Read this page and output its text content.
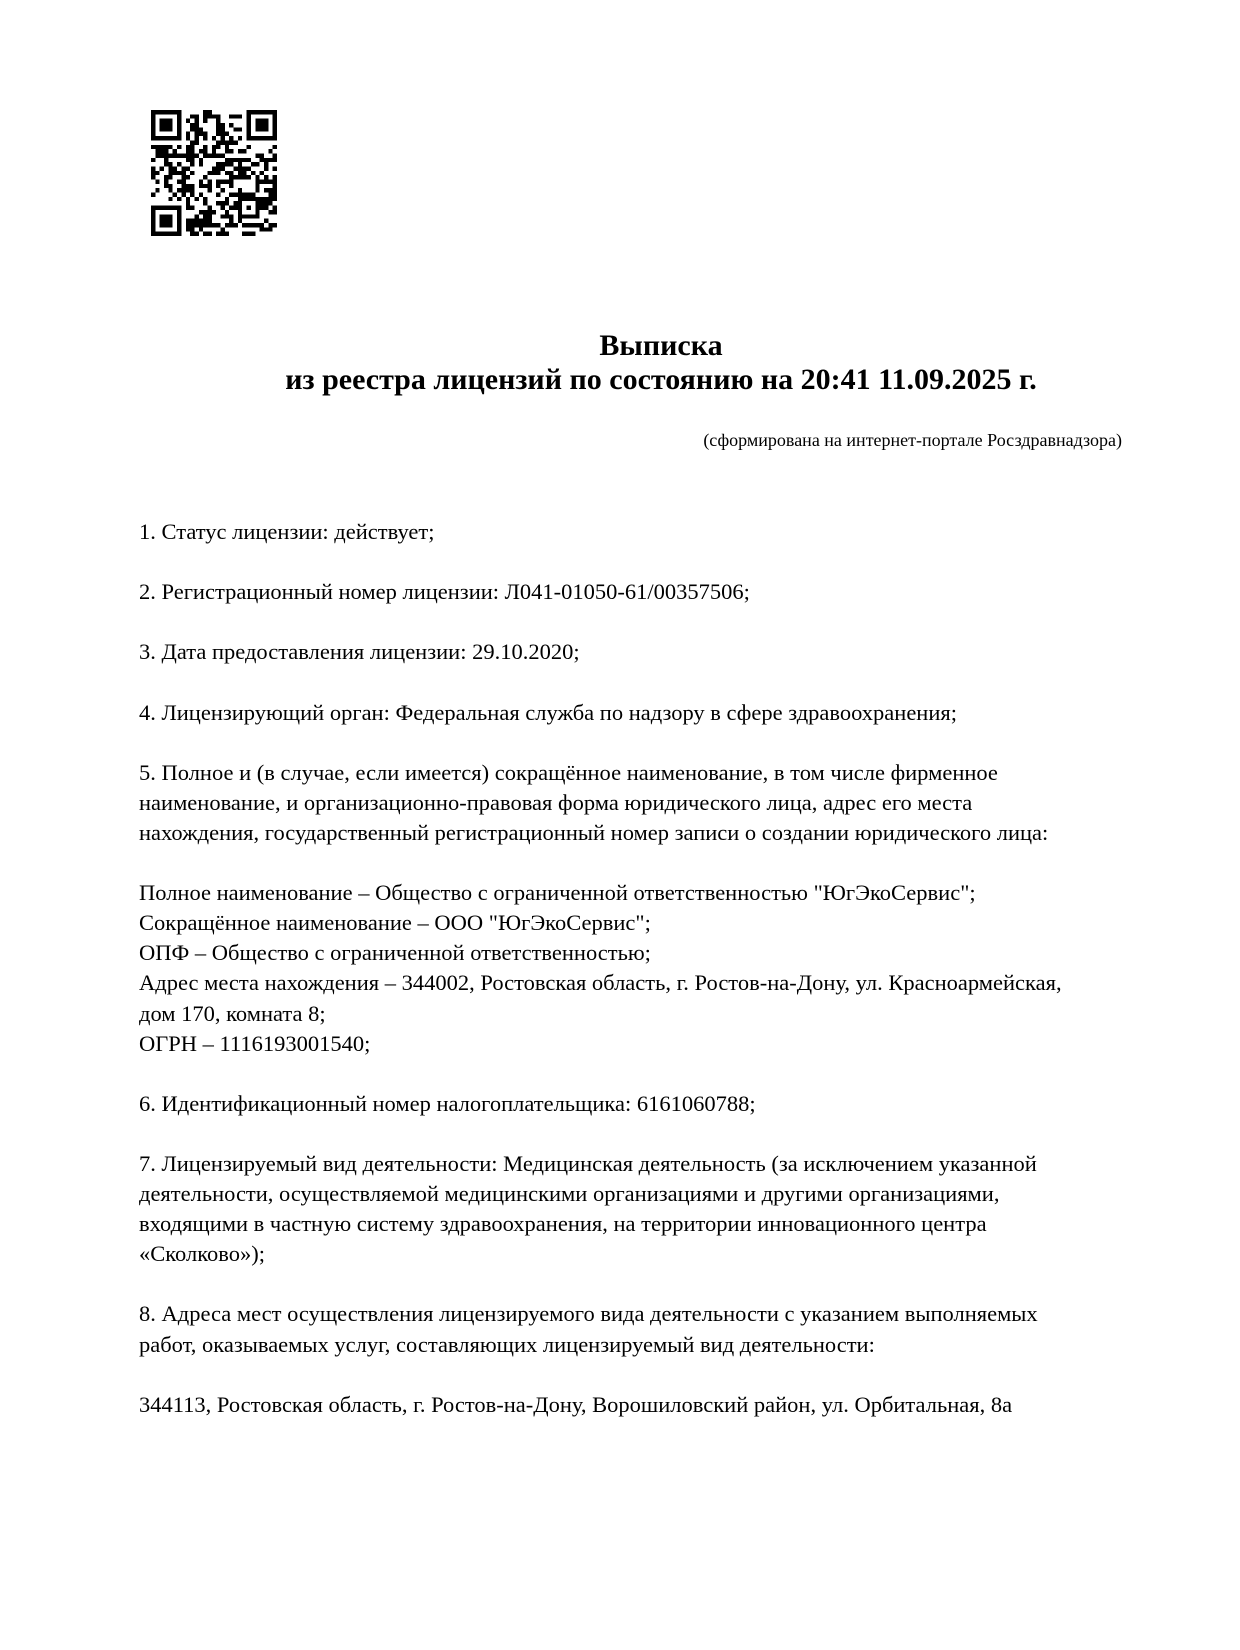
Выписка
из реестра лицензий по состоянию на 20:41 11.09.2025 г.
(сформирована на интернет-портале Росздравнадзора)
1. Статус лицензии: действует;
2. Регистрационный номер лицензии: Л041-01050-61/00357506;
3. Дата предоставления лицензии: 29.10.2020;
4. Лицензирующий орган: Федеральная служба по надзору в сфере здравоохранения;
5. Полное и (в случае, если имеется) сокращённое наименование, в том числе фирменное
наименование, и организационно-правовая форма юридического лица, адрес его места
нахождения, государственный регистрационный номер записи о создании юридического лица:
Полное наименование – Общество с ограниченной ответственностью "ЮгЭкоСервис";
Сокращённое наименование – ООО "ЮгЭкоСервис";
ОПФ – Общество с ограниченной ответственностью;
Адрес места нахождения – 344002, Ростовская область, г. Ростов-на-Дону, ул. Красноармейская,
дом 170, комната 8;
ОГРН – 1116193001540;
6. Идентификационный номер налогоплательщика: 6161060788;
7. Лицензируемый вид деятельности: Медицинская деятельность (за исключением указанной
деятельности, осуществляемой медицинскими организациями и другими организациями,
входящими в частную систему здравоохранения, на территории инновационного центра
«Сколково»);
8. Адреса мест осуществления лицензируемого вида деятельности с указанием выполняемых
работ, оказываемых услуг, составляющих лицензируемый вид деятельности:
344113, Ростовская область, г. Ростов-на-Дону, Ворошиловский район, ул. Орбитальная, 8а
